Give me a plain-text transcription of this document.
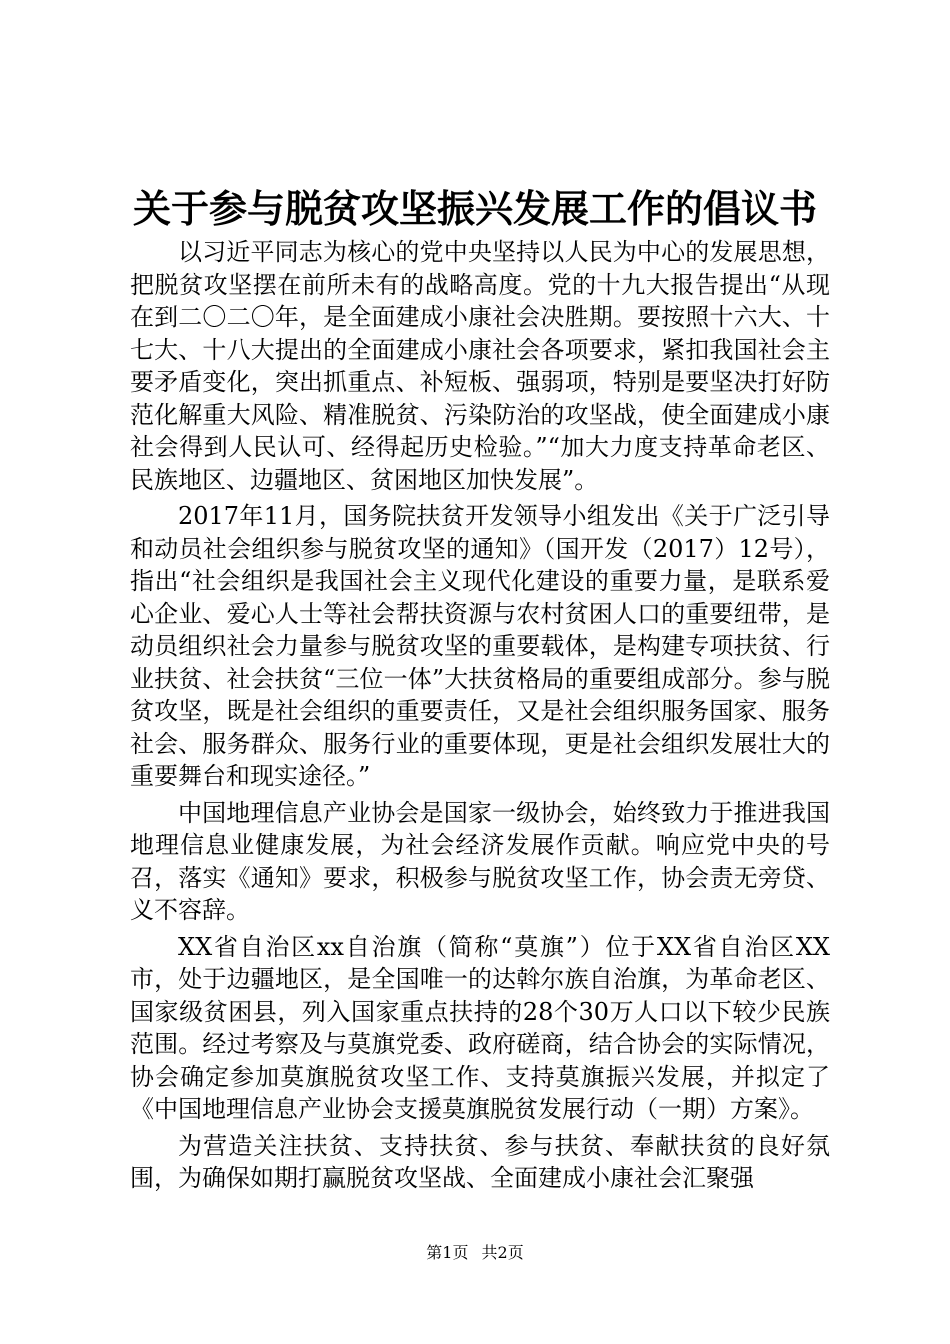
关于参与脱贫攻坚振兴发展工作的倡议书

以习近平同志为核心的党中央坚持以人民为中心的发展思想，把脱贫攻坚摆在前所未有的战略高度。党的十九大报告提出“从现在到二〇二〇年，是全面建成小康社会决胜期。要按照十六大、十七大、十八大提出的全面建成小康社会各项要求，紧扣我国社会主要矛盾变化，突出抓重点、补短板、强弱项，特别是要坚决打好防范化解重大风险、精准脱贫、污染防治的攻坚战，使全面建成小康社会得到人民认可、经得起历史检验。”“加大力度支持革命老区、民族地区、边疆地区、贫困地区加快发展”。

2017年11月，国务院扶贫开发领导小组发出《关于广泛引导和动员社会组织参与脱贫攻坚的通知》（国开发（2017）12号），指出“社会组织是我国社会主义现代化建设的重要力量，是联系爱心企业、爱心人士等社会帮扶资源与农村贫困人口的重要纽带，是动员组织社会力量参与脱贫攻坚的重要载体，是构建专项扶贫、行业扶贫、社会扶贫“三位一体”大扶贫格局的重要组成部分。参与脱贫攻坚，既是社会组织的重要责任，又是社会组织服务国家、服务社会、服务群众、服务行业的重要体现，更是社会组织发展壮大的重要舞台和现实途径。”

中国地理信息产业协会是国家一级协会，始终致力于推进我国地理信息业健康发展，为社会经济发展作贡献。响应党中央的号召，落实《通知》要求，积极参与脱贫攻坚工作，协会责无旁贷、义不容辞。

XX省自治区xx自治旗（简称“莫旗”）位于XX省自治区XX市，处于边疆地区，是全国唯一的达斡尔族自治旗，为革命老区、国家级贫困县，列入国家重点扶持的28个30万人口以下较少民族范围。经过考察及与莫旗党委、政府磋商，结合协会的实际情况，协会确定参加莫旗脱贫攻坚工作、支持莫旗振兴发展，并拟定了《中国地理信息产业协会支援莫旗脱贫发展行动（一期）方案》。

为营造关注扶贫、支持扶贫、参与扶贫、奉献扶贫的良好氛围，为确保如期打赢脱贫攻坚战、全面建成小康社会汇聚强

第1页 共2页
